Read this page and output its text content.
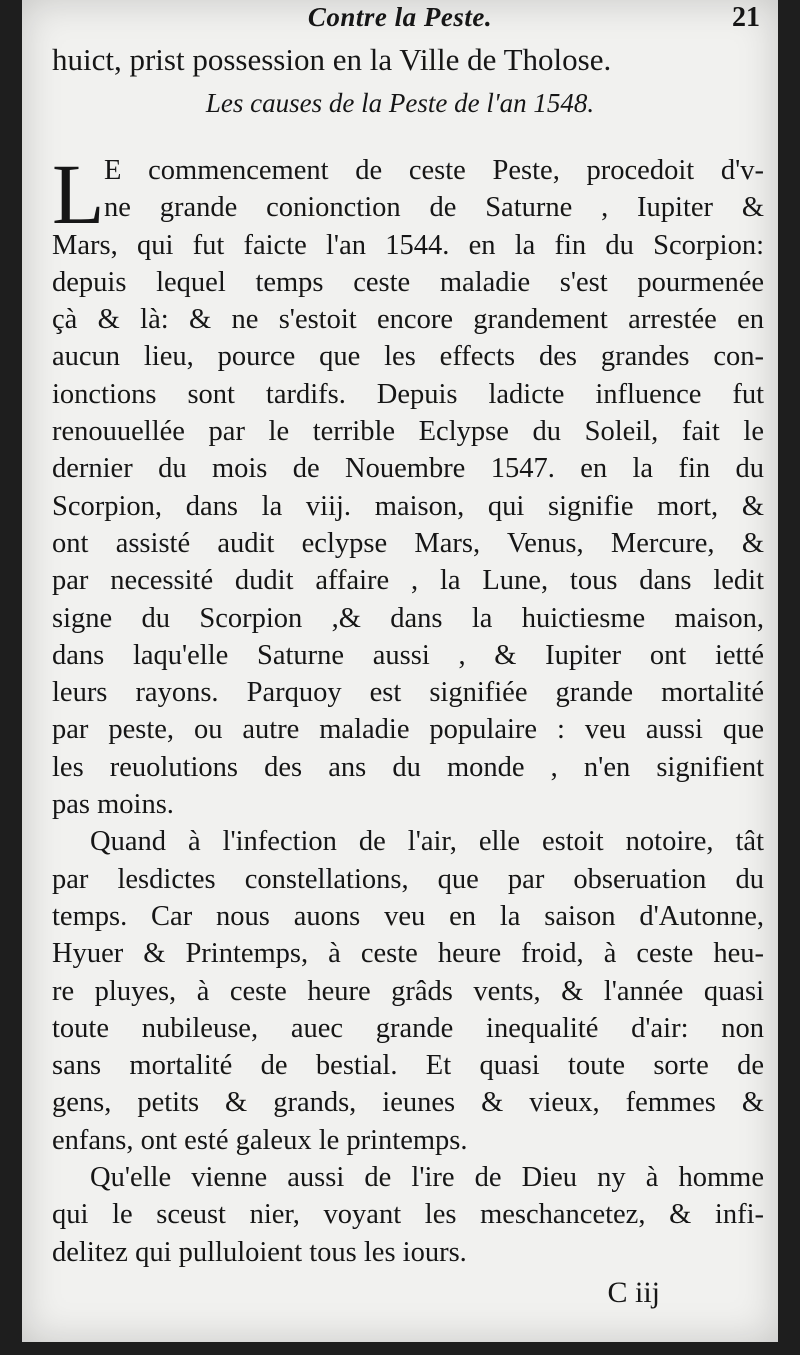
Contre la Peste.	21
huict, prist possession en la Ville de Tholose.
Les causes de la Peste de l'an 1548.
L E commencement de ceste Peste, procedoit d'v-
ne grande conionction de Saturne , Iupiter &
Mars, qui fut faicte l'an 1544. en la fin du Scorpion:
depuis lequel temps ceste maladie s'est pourmenée
çà & là: & ne s'estoit encore grandement arrestée en
aucun lieu, pource que les effects des grandes con-
ionctions sont tardifs. Depuis ladicte influence fut
renouuellée par le terrible Eclypse du Soleil, fait le
dernier du mois de Nouembre 1547. en la fin du
Scorpion, dans la viij. maison, qui signifie mort, &
ont assisté audit eclypse Mars, Venus, Mercure, &
par necessité dudit affaire , la Lune, tous dans ledit
signe du Scorpion ,& dans la huictiesme maison,
dans laqu'elle Saturne aussi , & Iupiter ont ietté
leurs rayons. Parquoy est signifiée grande mortalité
par peste, ou autre maladie populaire : veu aussi que
les reuolutions des ans du monde , n'en signifient
pas moins.
Quand à l'infection de l'air, elle estoit notoire, tât
par lesdictes constellations, que par obseruation du
temps. Car nous auons veu en la saison d'Autonne,
Hyuer & Printemps, à ceste heure froid, à ceste heu-
re pluyes, à ceste heure grâds vents, & l'année quasi
toute nubileuse, auec grande inequalité d'air: non
sans mortalité de bestial. Et quasi toute sorte de
gens, petits & grands, ieunes & vieux, femmes &
enfans, ont esté galeux le printemps.
Qu'elle vienne aussi de l'ire de Dieu ny à homme
qui le sceust nier, voyant les meschancetez, & infi-
delitez qui pulluloient tous les iours.
C iij
